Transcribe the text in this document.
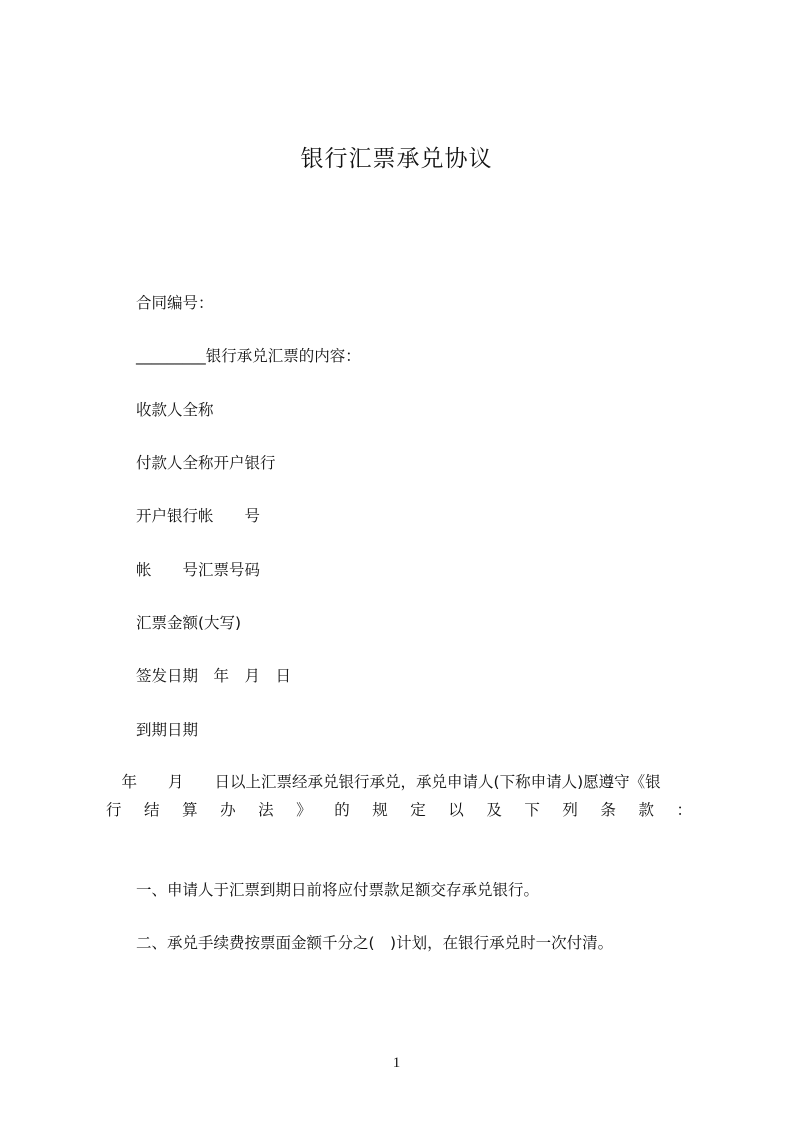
银行汇票承兑协议
合同编号：
_________银行承兑汇票的内容：
收款人全称
付款人全称开户银行
开户银行帐　　号
帐　　号汇票号码
汇票金额(大写)
签发日期　年　月　日
到期日期
　年　　月　　日以上汇票经承兑银行承兑，承兑申请人(下称申请人)愿遵守《银
行 结 算 办 法 》 的 规 定 以 及 下 列 条 款 ：
一、申请人于汇票到期日前将应付票款足额交存承兑银行。
二、承兑手续费按票面金额千分之(　)计划，在银行承兑时一次付清。
1
